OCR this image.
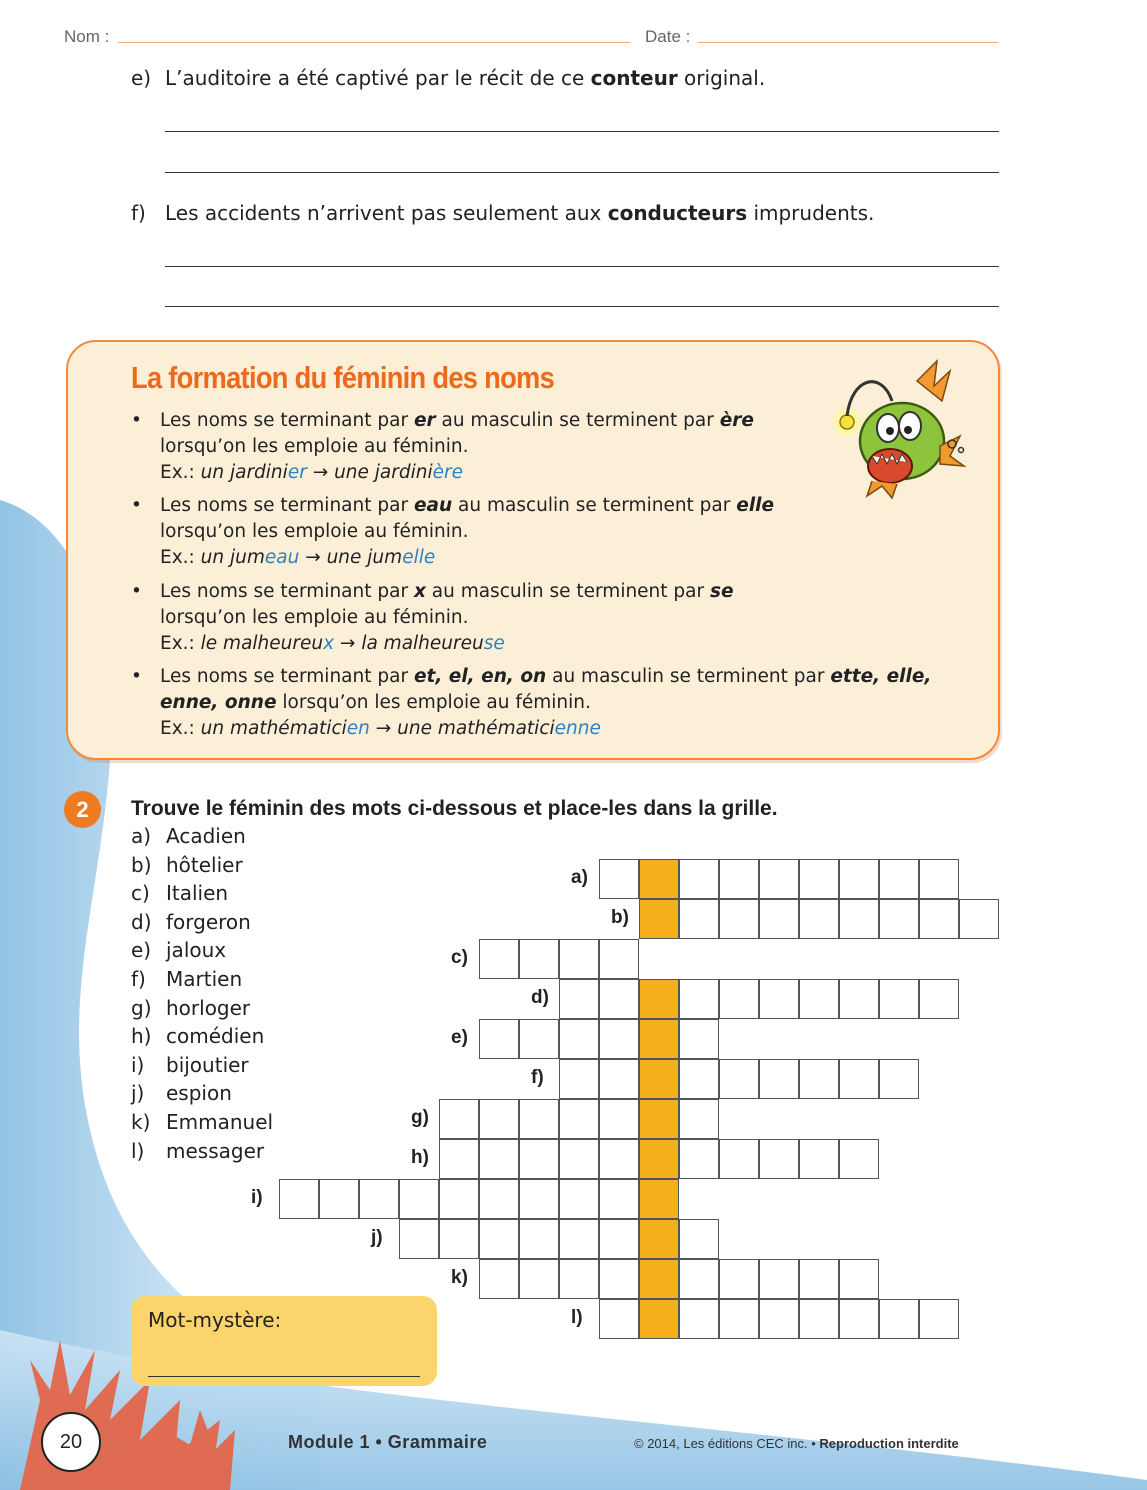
Nom :	Date :
e) L’auditoire a été captivé par le récit de ce conteur original.
f) Les accidents n’arrivent pas seulement aux conducteurs imprudents.
La formation du féminin des noms
• Les noms se terminant par er au masculin se terminent par ère
lorsqu’on les emploie au féminin.
Ex.: un jardinier → une jardinière
• Les noms se terminant par eau au masculin se terminent par elle
lorsqu’on les emploie au féminin.
Ex.: un jumeau → une jumelle
• Les noms se terminant par x au masculin se terminent par se
lorsqu’on les emploie au féminin.
Ex.: le malheureux → la malheureuse
• Les noms se terminant par et, el, en, on au masculin se terminent par ette, elle,
enne, onne lorsqu’on les emploie au féminin.
Ex.: un mathématicien → une mathématicienne
2	Trouve le féminin des mots ci-dessous et place-les dans la grille.
a) Acadien
b) hôtelier
c) Italien
d) forgeron
e) jaloux
f) Martien
g) horloger
h) comédien
i) bijoutier
j) espion
k) Emmanuel
l) messager
a)
b)
c)
d)
e)
f)
g)
h)
i)
j)
k)
l)
Mot-mystère:
20	Module 1 • Grammaire	© 2014, Les éditions CEC inc. • Reproduction interdite
